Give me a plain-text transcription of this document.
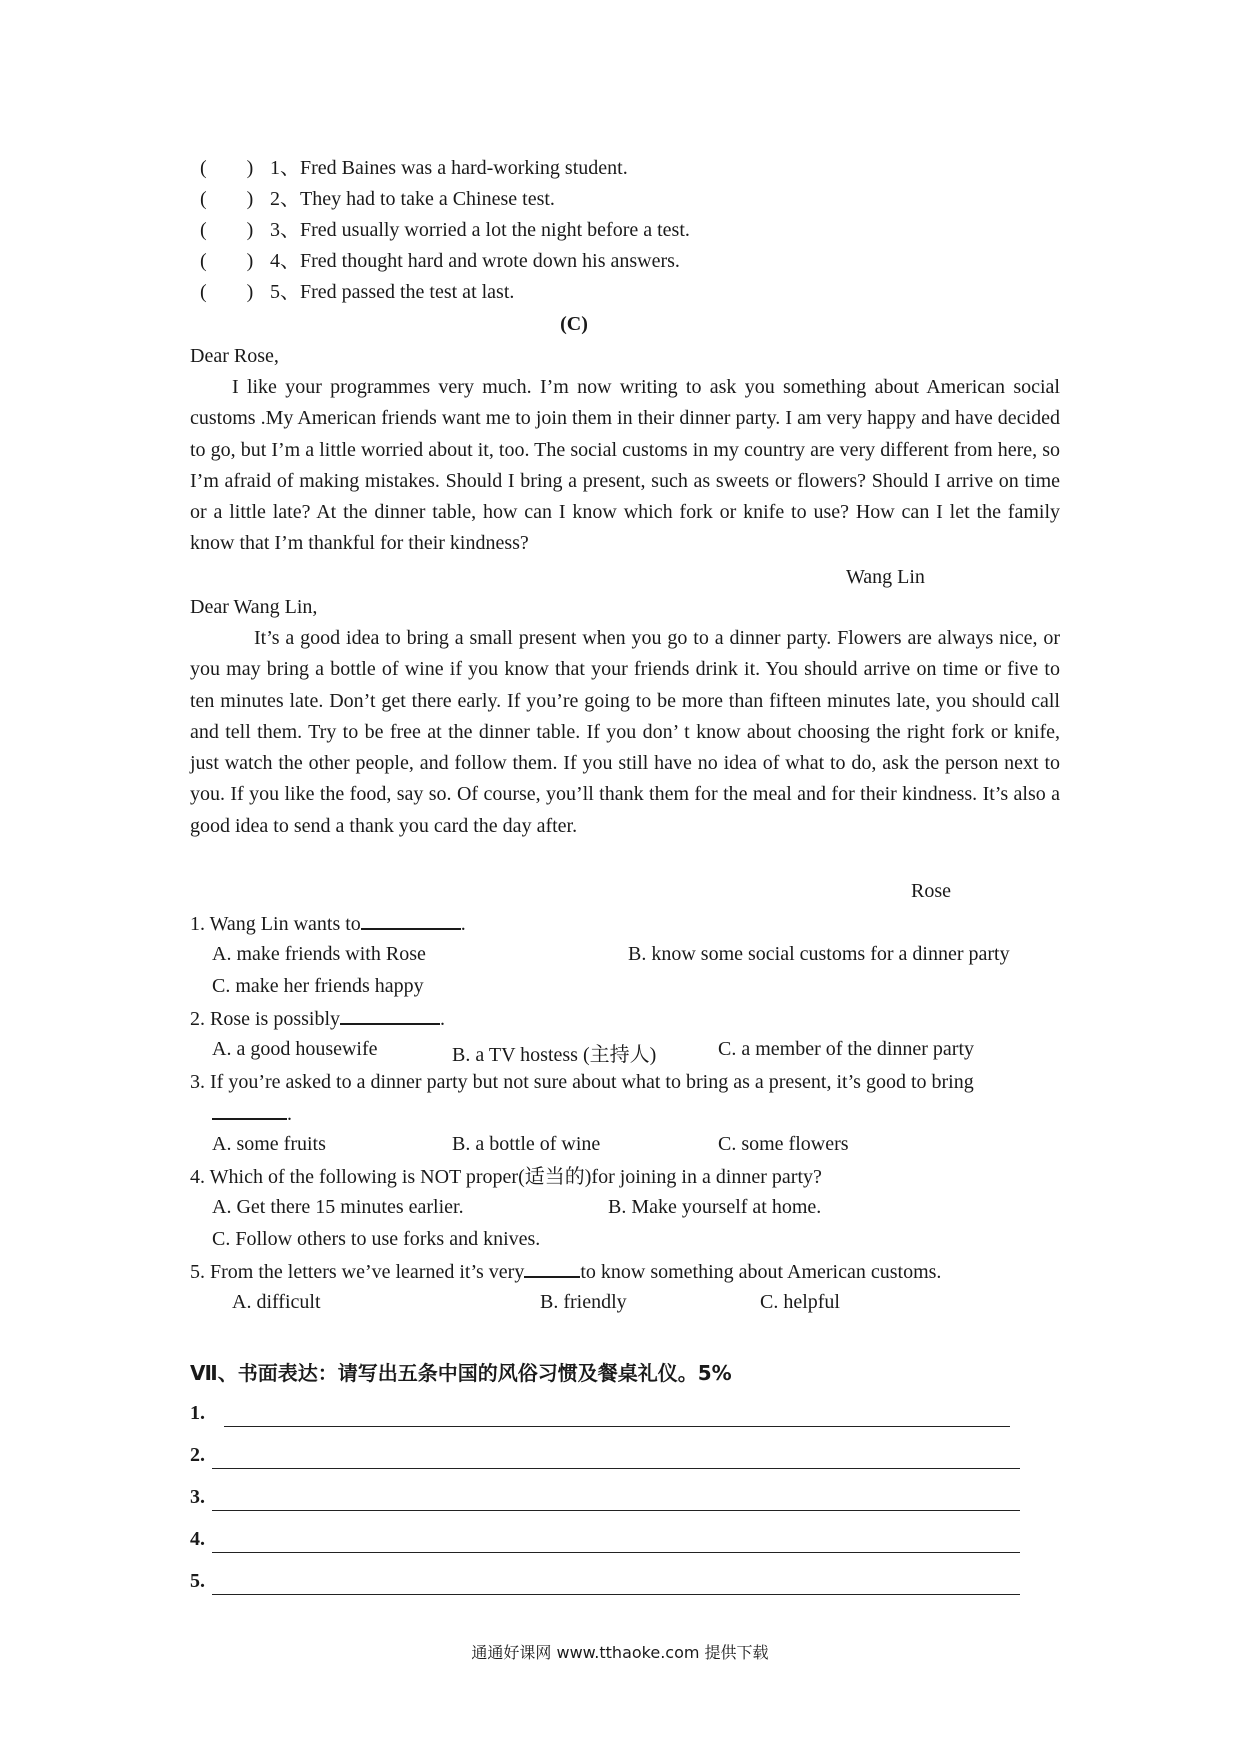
(　　) 1、Fred Baines was a hard-working student.
(　　) 2、They had to take a Chinese test.
(　　) 3、Fred usually worried a lot the night before a test.
(　　) 4、Fred thought hard and wrote down his answers.
(　　) 5、Fred passed the test at last.
(C)
Dear Rose,
I like your programmes very much. I’m now writing to ask you something about American social customs .My American friends want me to join them in their dinner party. I am very happy and have decided to go, but I’m a little worried about it, too. The social customs in my country are very different from here, so I’m afraid of making mistakes. Should I bring a present, such as sweets or flowers? Should I arrive on time or a little late? At the dinner table, how can I know which fork or knife to use? How can I let the family know that I’m thankful for their kindness?
Wang Lin
Dear Wang Lin,
It’s a good idea to bring a small present when you go to a dinner party. Flowers are always nice, or you may bring a bottle of wine if you know that your friends drink it. You should arrive on time or five to ten minutes late. Don’t get there early. If you’re going to be more than fifteen minutes late, you should call and tell them. Try to be free at the dinner table. If you don’ t know about choosing the right fork or knife, just watch the other people, and follow them. If you still have no idea of what to do, ask the person next to you. If you like the food, say so. Of course, you’ll thank them for the meal and for their kindness. It’s also a good idea to send a thank you card the day after.
Rose
1. Wang Lin wants to	.
A. make friends with Rose	B. know some social customs for a dinner party
C. make her friends happy
2. Rose is possibly	.
A. a good housewife	B. a TV hostess (主持人)	C. a member of the dinner party
3. If you’re asked to a dinner party but not sure about what to bring as a present, it’s good to bring
.
A. some fruits	B. a bottle of wine	C. some flowers
4. Which of the following is NOT proper(适当的)for joining in a dinner party?
A. Get there 15 minutes earlier.	B. Make yourself at home.
C. Follow others to use forks and knives.
5. From the letters we’ve learned it’s very	to know something about American customs.
A. difficult	B. friendly	C. helpful
Ⅶ、书面表达：请写出五条中国的风俗习惯及餐桌礼仪。5%
1.
2.
3.
4.
5.
通通好课网 www.tthaoke.com 提供下载
